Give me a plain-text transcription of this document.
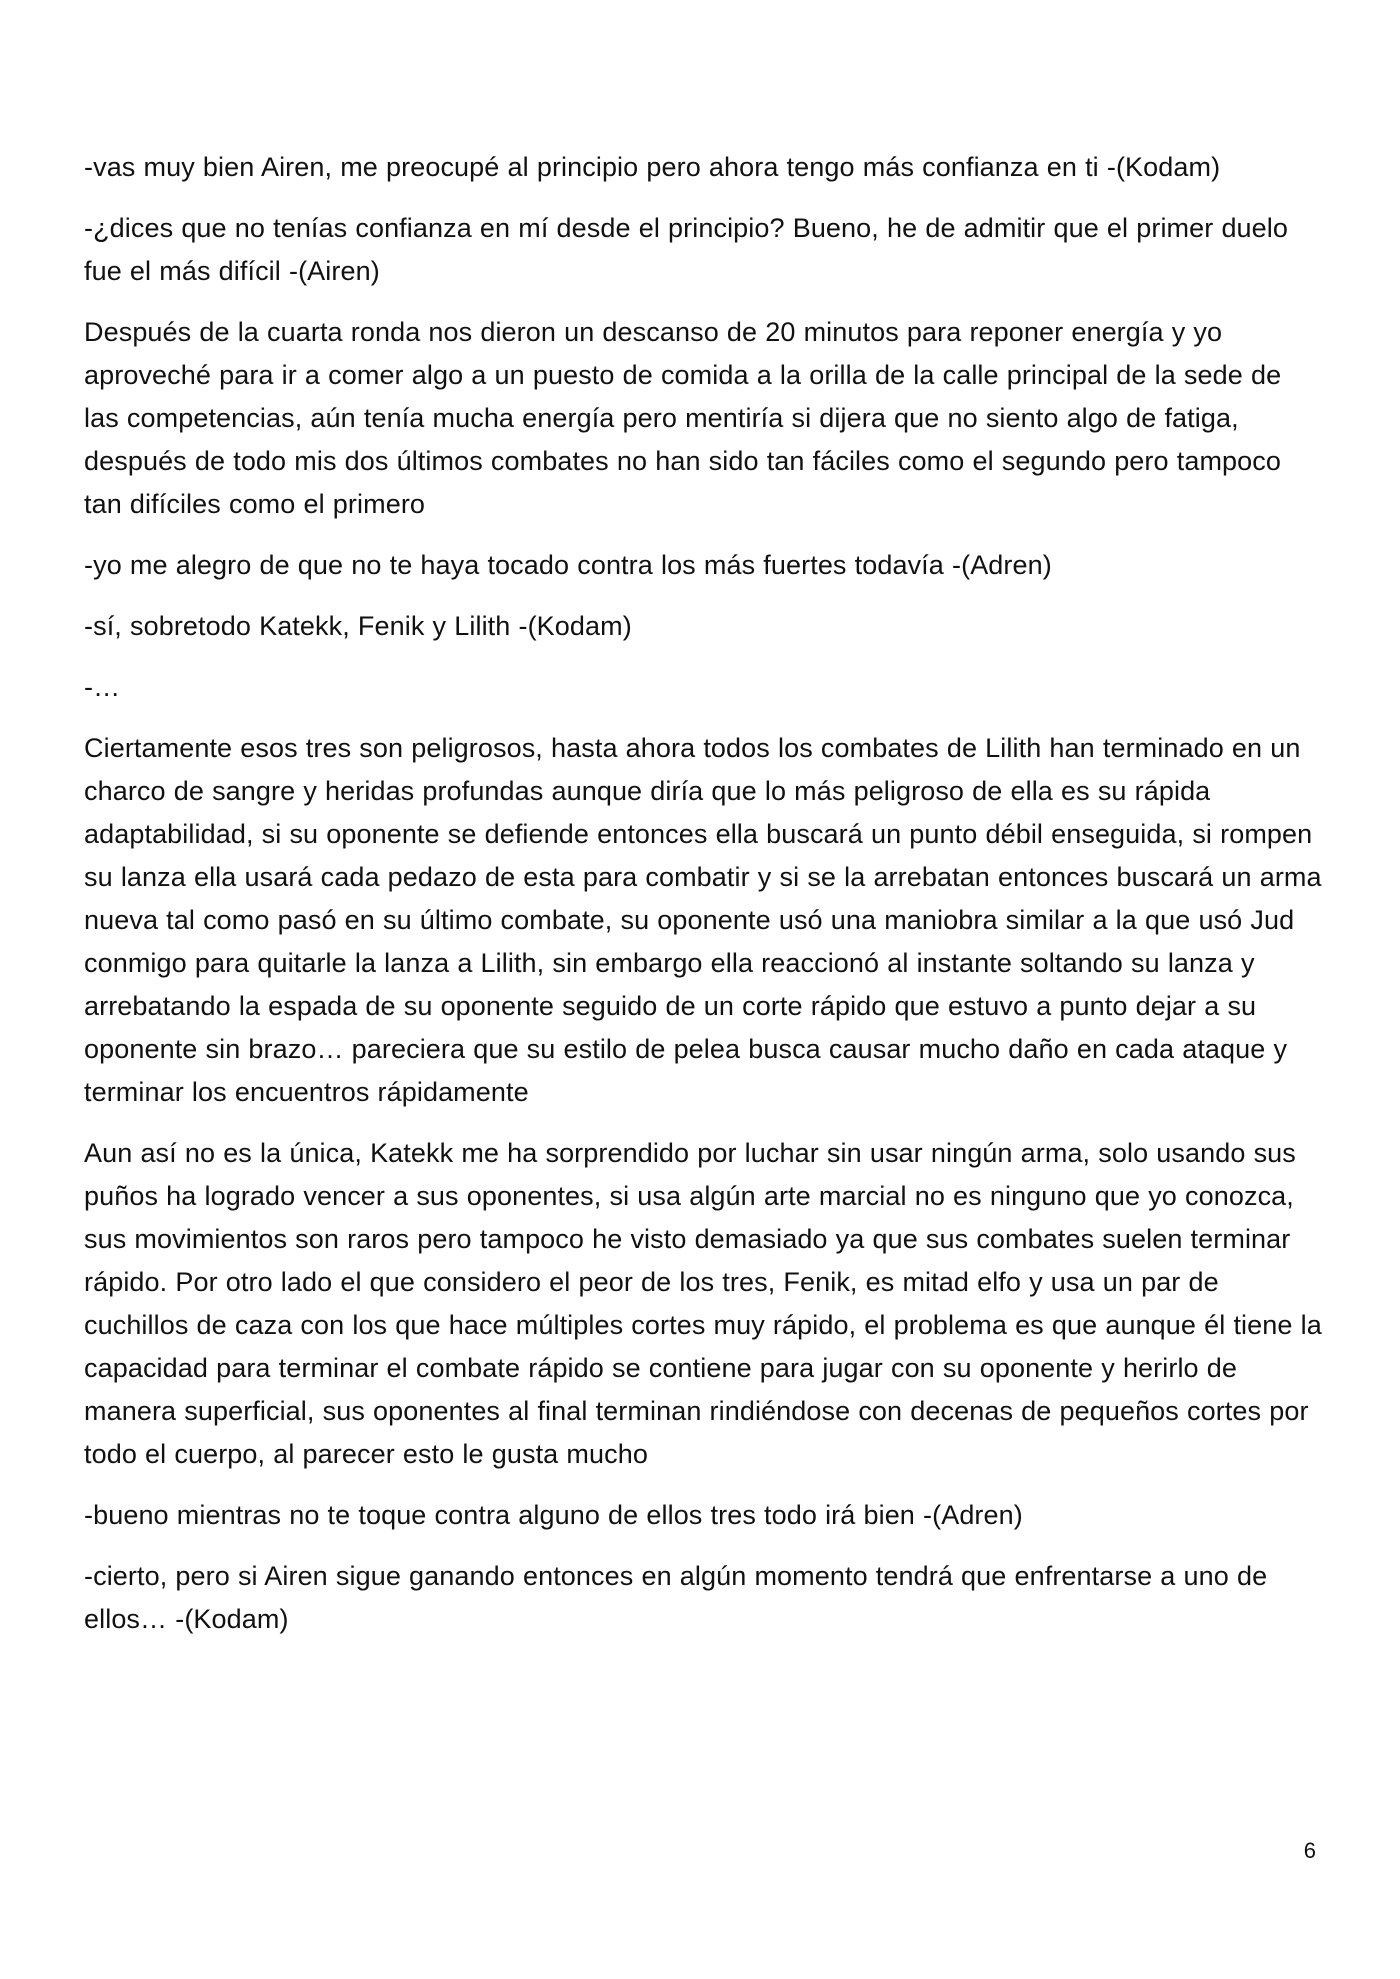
-vas muy bien Airen, me preocupé al principio pero ahora tengo más confianza en ti -(Kodam)

-¿dices que no tenías confianza en mí desde el principio? Bueno, he de admitir que el primer duelo fue el más difícil -(Airen)

Después de la cuarta ronda nos dieron un descanso de 20 minutos para reponer energía y yo aproveché para ir a comer algo a un puesto de comida a la orilla de la calle principal de la sede de las competencias, aún tenía mucha energía pero mentiría si dijera que no siento algo de fatiga, después de todo mis dos últimos combates no han sido tan fáciles como el segundo pero tampoco tan difíciles como el primero

-yo me alegro de que no te haya tocado contra los más fuertes todavía -(Adren)

-sí, sobretodo Katekk, Fenik y Lilith -(Kodam)

-…

Ciertamente esos tres son peligrosos, hasta ahora todos los combates de Lilith han terminado en un charco de sangre y heridas profundas aunque diría que lo más peligroso de ella es su rápida adaptabilidad, si su oponente se defiende entonces ella buscará un punto débil enseguida, si rompen su lanza ella usará cada pedazo de esta para combatir y si se la arrebatan entonces buscará un arma nueva tal como pasó en su último combate, su oponente usó una maniobra similar a la que usó Jud conmigo para quitarle la lanza a Lilith, sin embargo ella reaccionó al instante soltando su lanza y arrebatando la espada de su oponente seguido de un corte rápido que estuvo a punto dejar a su oponente sin brazo… pareciera que su estilo de pelea busca causar mucho daño en cada ataque y terminar los encuentros rápidamente

Aun así no es la única, Katekk me ha sorprendido por luchar sin usar ningún arma, solo usando sus puños ha logrado vencer a sus oponentes, si usa algún arte marcial no es ninguno que yo conozca, sus movimientos son raros pero tampoco he visto demasiado ya que sus combates suelen terminar rápido. Por otro lado el que considero el peor de los tres, Fenik, es mitad elfo y usa un par de cuchillos de caza con los que hace múltiples cortes muy rápido, el problema es que aunque él tiene la capacidad para terminar el combate rápido se contiene para jugar con su oponente y herirlo de manera superficial, sus oponentes al final terminan rindiéndose con decenas de pequeños cortes por todo el cuerpo, al parecer esto le gusta mucho

-bueno mientras no te toque contra alguno de ellos tres todo irá bien -(Adren)

-cierto, pero si Airen sigue ganando entonces en algún momento tendrá que enfrentarse a uno de ellos… -(Kodam)

6
